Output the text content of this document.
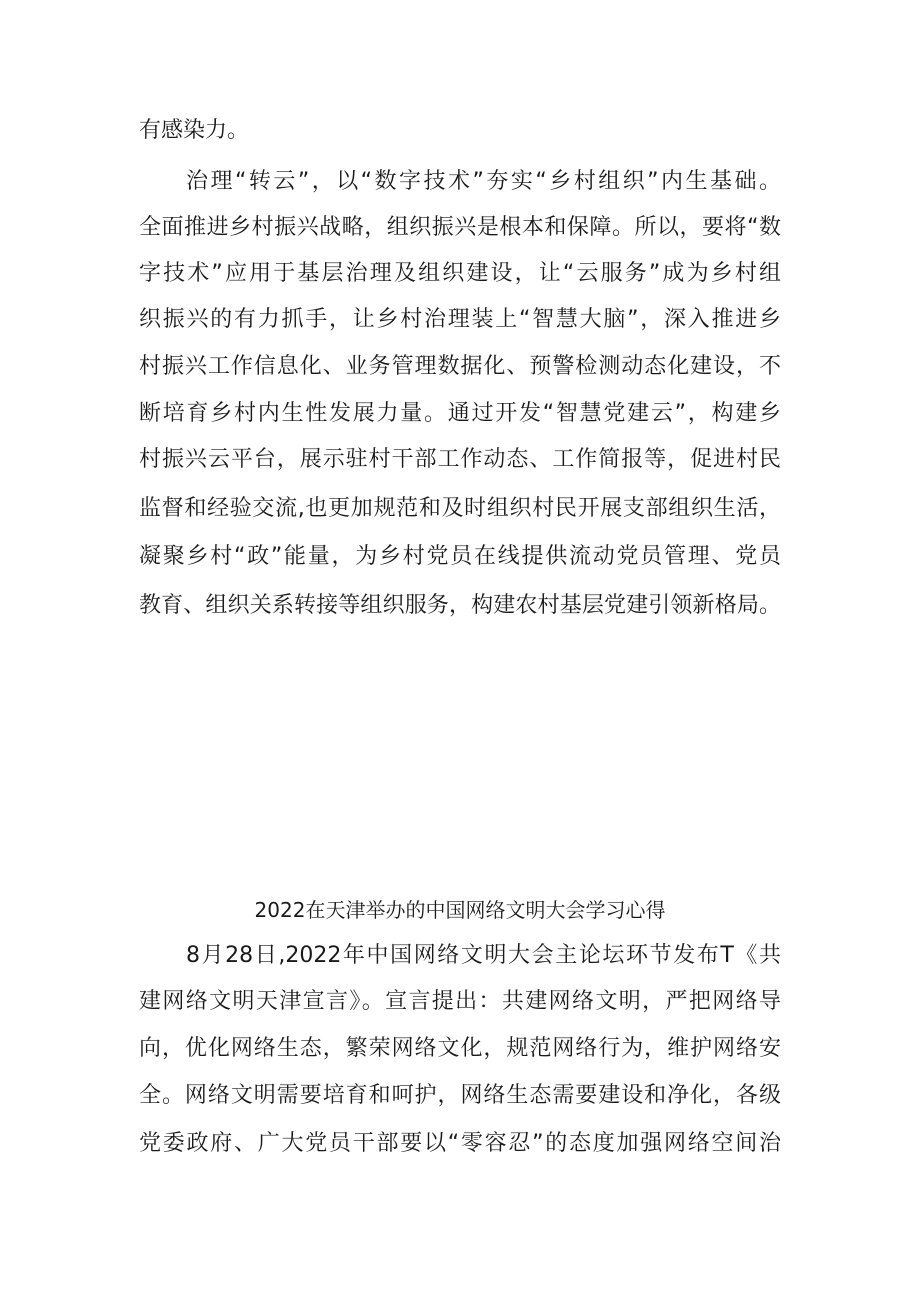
有感染力。
治理“转云”，以“数字技术”夯实“乡村组织”内生基础。
全面推进乡村振兴战略，组织振兴是根本和保障。所以，要将“数
字技术”应用于基层治理及组织建设，让“云服务”成为乡村组
织振兴的有力抓手，让乡村治理装上“智慧大脑”，深入推进乡
村振兴工作信息化、业务管理数据化、预警检测动态化建设，不
断培育乡村内生性发展力量。通过开发“智慧党建云”，构建乡
村振兴云平台，展示驻村干部工作动态、工作简报等，促进村民
监督和经验交流,也更加规范和及时组织村民开展支部组织生活，
凝聚乡村“政”能量，为乡村党员在线提供流动党员管理、党员
教育、组织关系转接等组织服务，构建农村基层党建引领新格局。
2022在天津举办的中国网络文明大会学习心得
8月28日,2022年中国网络文明大会主论坛环节发布T《共
建网络文明天津宣言》。宣言提出：共建网络文明，严把网络导
向，优化网络生态，繁荣网络文化，规范网络行为，维护网络安
全。网络文明需要培育和呵护，网络生态需要建设和净化，各级
党委政府、广大党员干部要以“零容忍”的态度加强网络空间治
